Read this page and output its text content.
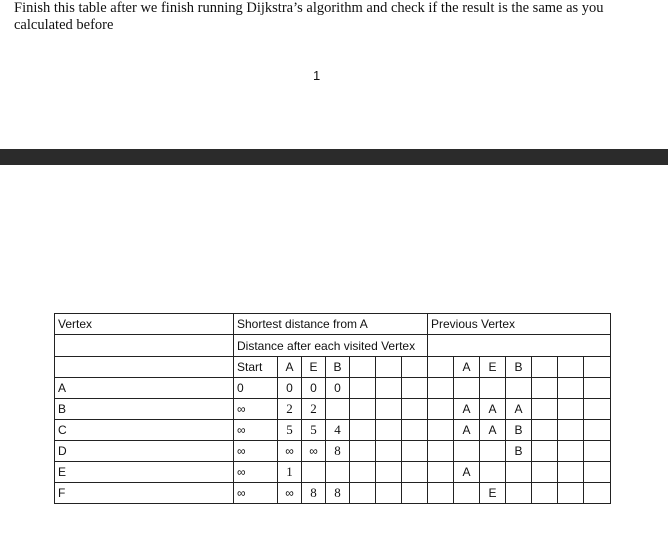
Finish this table after we finish running Dijkstra’s algorithm and check if the result is the same as you calculated before
1
Vertex	Shortest distance from A							Previous Vertex						
	Distance after each visited Vertex													
	Start	A	E	B					A	E	B			
A	0	0	0	0										
B	∞	2	2						A	A	A			
C	∞	5	5	4					A	A	B			
D	∞	∞	∞	8							B			
E	∞	1							A					
F	∞	∞	8	8						E				
